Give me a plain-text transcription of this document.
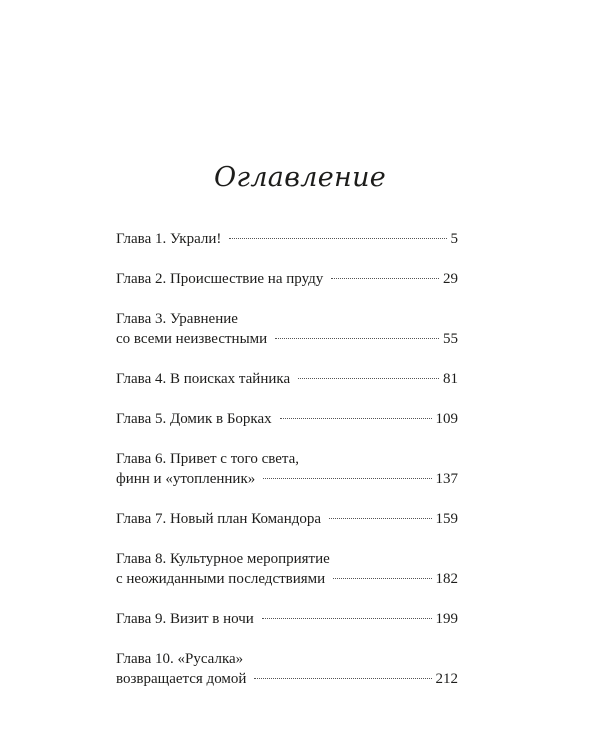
Оглавление
Глава 1. Украли!	5
Глава 2. Происшествие на пруду	29
Глава 3. Уравнение
со всеми неизвестными	55
Глава 4. В поисках тайника	81
Глава 5. Домик в Борках	109
Глава 6. Привет с того света,
финн и «утопленник»	137
Глава 7. Новый план Командора	159
Глава 8. Культурное мероприятие
с неожиданными последствиями	182
Глава 9. Визит в ночи	199
Глава 10. «Русалка»
возвращается домой	212
